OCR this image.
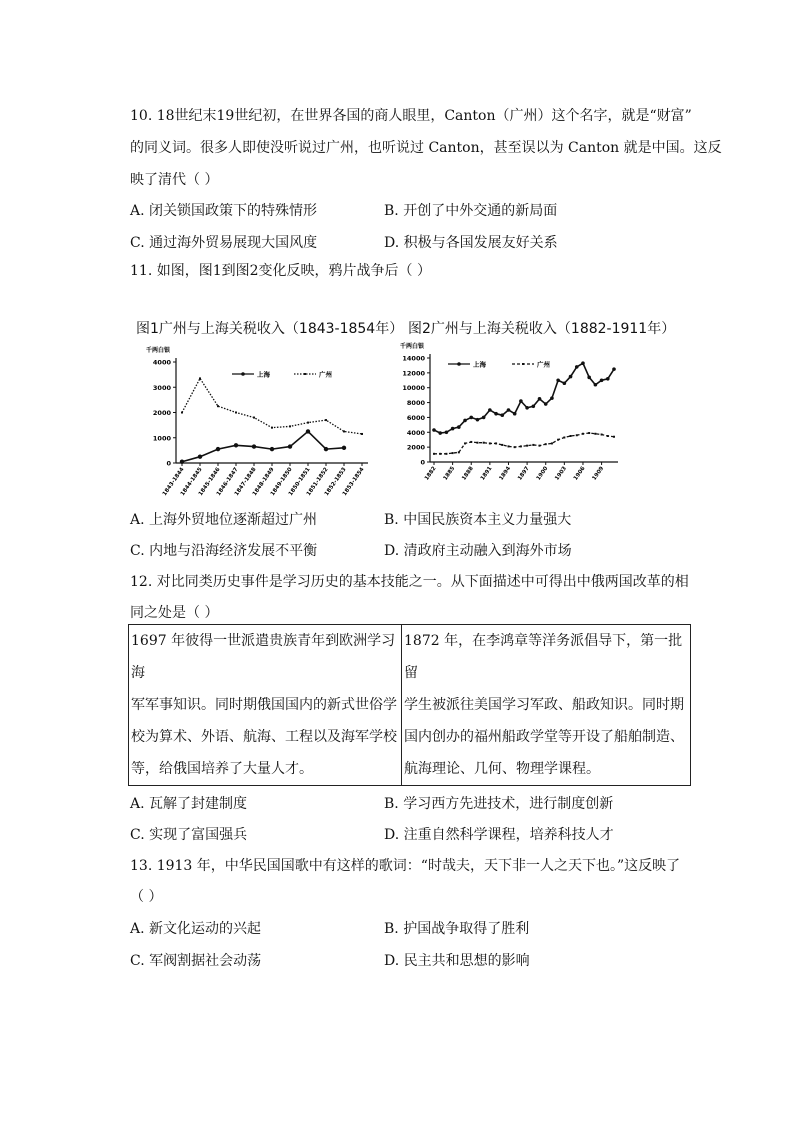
10. 18世纪末19世纪初，在世界各国的商人眼里，Canton（广州）这个名字，就是“财富”
的同义词。很多人即使没听说过广州，也听说过 Canton，甚至误以为 Canton 就是中国。这反
映了清代（ ）
A. 闭关锁国政策下的特殊情形	B. 开创了中外交通的新局面
C. 通过海外贸易展现大国风度	D. 积极与各国发展友好关系
11. 如图，图1到图2变化反映，鸦片战争后（ ）
图1广州与上海关税收入（1843-1854年） 图2广州与上海关税收入（1882-1911年）
千两白银
0
1000
2000
3000
4000
1843-1844
1844-1845
1845-1846
1846-1847
1847-1848
1848-1849
1849-1850
1850-1851
1851-1852
1852-1853
1853-1854
上海	广州
千两白银
0
2000
4000
6000
8000
10000
12000
14000
1882 1885 1888 1891 1894 1897 1900 1903 1906 1909
上海	广州
A. 上海外贸地位逐渐超过广州	B. 中国民族资本主义力量强大
C. 内地与沿海经济发展不平衡	D. 清政府主动融入到海外市场
12. 对比同类历史事件是学习历史的基本技能之一。从下面描述中可得出中俄两国改革的相
同之处是（ ）
1697 年彼得一世派遣贵族青年到欧洲学习海
军军事知识。同时期俄国国内的新式世俗学
校为算术、外语、航海、工程以及海军学校
等，给俄国培养了大量人才。

1872 年，在李鸿章等洋务派倡导下，第一批留
学生被派往美国学习军政、船政知识。同时期
国内创办的福州船政学堂等开设了船舶制造、
航海理论、几何、物理学课程。
A. 瓦解了封建制度	B. 学习西方先进技术，进行制度创新
C. 实现了富国强兵	D. 注重自然科学课程，培养科技人才
13. 1913 年，中华民国国歌中有这样的歌词：“时哉夫，天下非一人之天下也。”这反映了
（ ）
A. 新文化运动的兴起	B. 护国战争取得了胜利
C. 军阀割据社会动荡	D. 民主共和思想的影响
